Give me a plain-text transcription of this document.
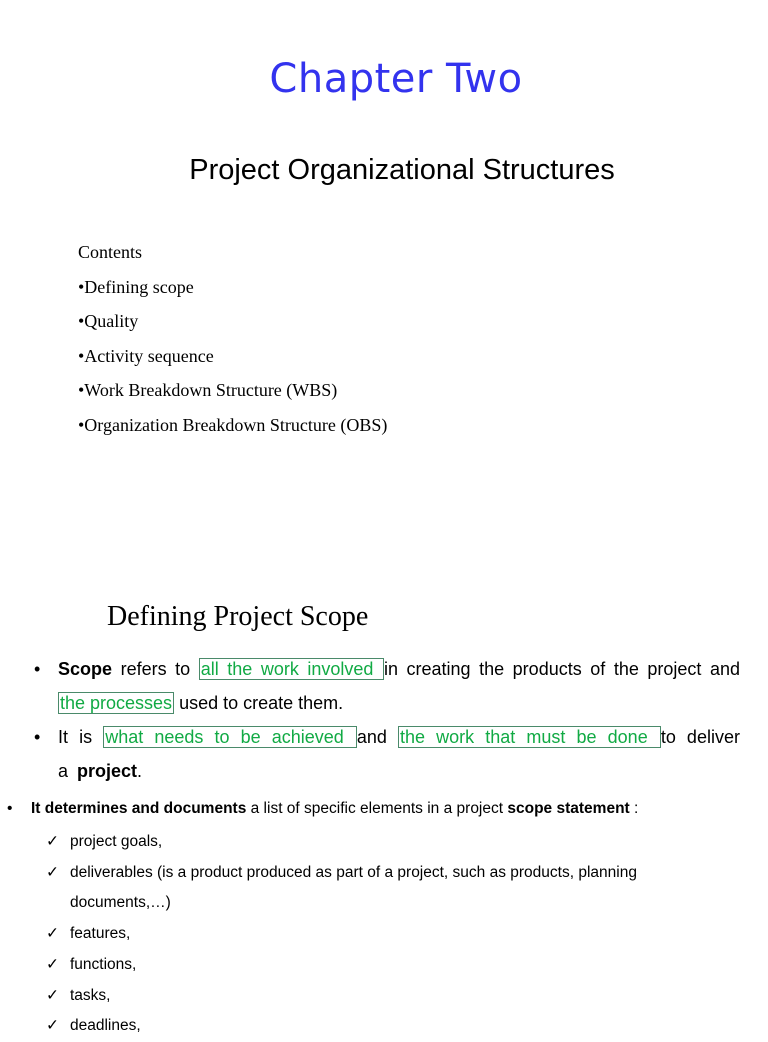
Chapter Two
Project Organizational Structures
Contents
•Defining scope
•Quality
•Activity sequence
•Work Breakdown Structure (WBS)
•Organization Breakdown Structure (OBS)
Defining Project Scope
• Scope refers to all the work involved in creating the products of the project and
the processes used to create them.
• It is what needs to be achieved and the work that must be done to deliver
a project.
• It determines and documents a list of specific elements in a project scope statement :
✓ project goals,
✓ deliverables (is a product produced as part of a project, such as products, planning
documents,…)
✓ features,
✓ functions,
✓ tasks,
✓ deadlines,
